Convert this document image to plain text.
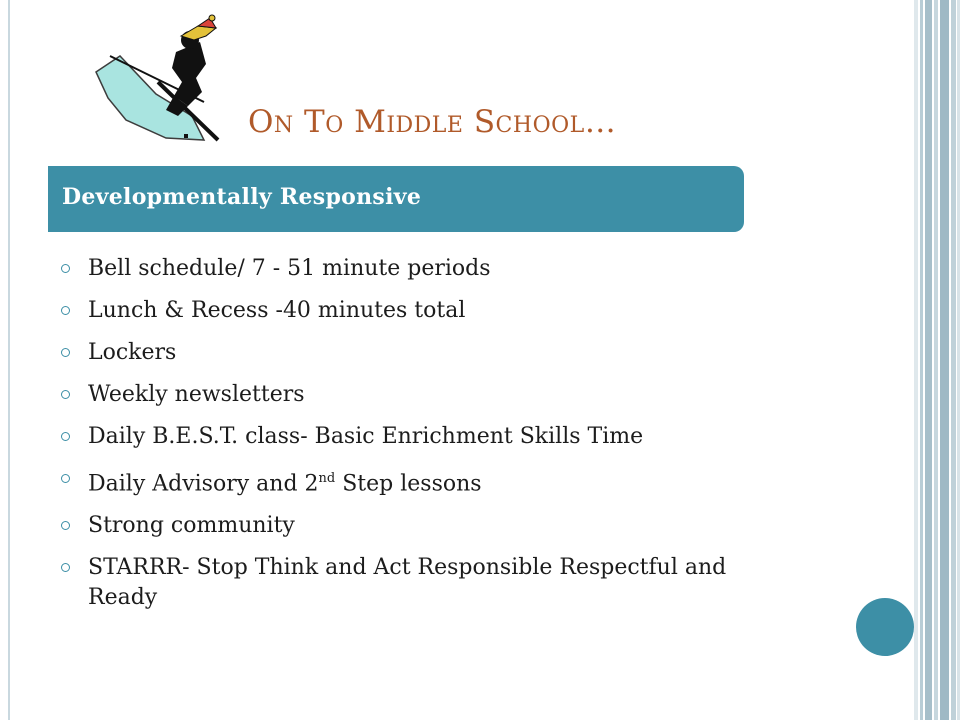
On To Middle School…
Developmentally Responsive
Bell schedule/ 7 - 51 minute periods
Lunch & Recess -40 minutes total
Lockers
Weekly newsletters
Daily B.E.S.T. class- Basic Enrichment Skills Time
Daily Advisory and 2nd Step lessons
Strong community
STARRR- Stop Think and Act Responsible Respectful and Ready
